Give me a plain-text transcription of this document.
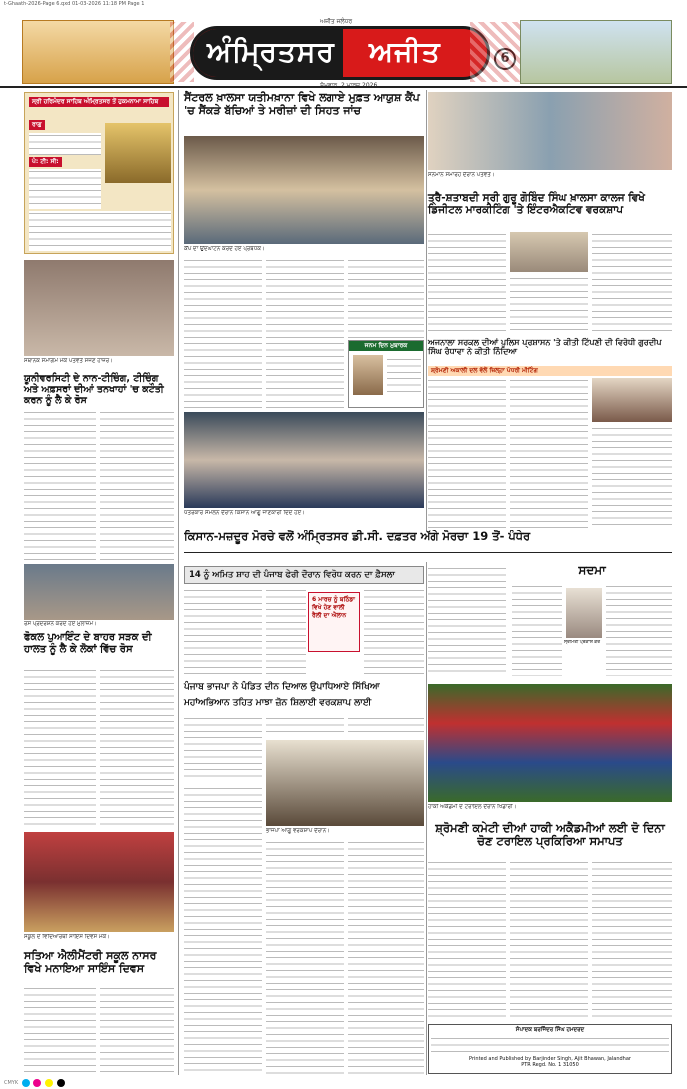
t-Ghaath-2026-Page 6.qxd 01-03-2026 11:18 PM Page 1
ਅੰਮ੍ਰਿਤਸਰ ਅਜੀਤ
ਅਜੀਤ ਜਲੰਧਰ
6
ਸ੍ਰੀ ਹਰਿਮੰਦਰ ਸਾਹਿਬ ਅੰਮ੍ਰਿਤਸਰ ਤੋਂ ਹੁਕਮਨਾਮਾ ਸਾਹਿਬ
ਰਾਗੁ
ਪੰ: ਟੀ: ਸੀ:
ਸਥਾਨਕ ਸਮਾਗਮ ਮੌਕੇ ਪਤਵੰਤੇ ਸਜਣ ਹਾਜ਼ਰ।
ਯੂਨੀਵਰਸਿਟੀ ਦੇ ਨਾਨ-ਟੀਚਿੰਗ, ਟੀਚਿੰਗ ਅਤੇ ਅਫ਼ਸਰਾਂ ਦੀਆਂ ਤਨਖਾਹਾਂ 'ਚ ਕਟੌਤੀ ਕਰਨ ਨੂੰ ਲੈ ਕੇ ਰੋਸ
ਰੋਸ ਪ੍ਰਦਰਸ਼ਨ ਕਰਦੇ ਹੋਏ ਮੁਲਾਜ਼ਮ।
ਫੋਕਲ ਪੁਆਇੰਟ ਦੇ ਬਾਹਰ ਸੜਕ ਦੀ ਹਾਲਤ ਨੂੰ ਲੈ ਕੇ ਲੋਕਾਂ ਵਿੱਚ ਰੋਸ
ਸਕੂਲ ਦੇ ਵਿਦਿਆਰਥੀ ਸਾਇੰਸ ਦਿਵਸ ਮੌਕੇ।
ਸਤਿਆ ਐਲੀਮੈਂਟਰੀ ਸਕੂਲ ਨਾਸਰ ਵਿਖੇ ਮਨਾਇਆ ਸਾਇੰਸ ਦਿਵਸ
ਸੈਂਟਰਲ ਖ਼ਾਲਸਾ ਯਤੀਮਖ਼ਾਨਾ ਵਿਖੇ ਲਗਾਏ ਮੁਫ਼ਤ ਆਯੁਸ਼ ਕੈਂਪ 'ਚ ਸੈਂਕੜੇ ਬੱਚਿਆਂ ਤੇ ਮਰੀਜ਼ਾਂ ਦੀ ਸਿਹਤ ਜਾਂਚ
ਕੈਂਪ ਦਾ ਉਦਘਾਟਨ ਕਰਦੇ ਹੋਏ ਪ੍ਰਬੰਧਕ।
ਜਨਮ ਦਿਨ ਮੁਬਾਰਕ
ਸਨਮਾਨ ਸਮਾਰੋਹ ਦੌਰਾਨ ਪਤਵੰਤੇ।
ਤ੍ਰੈ-ਸ਼ਤਾਬਦੀ ਸ੍ਰੀ ਗੁਰੂ ਗੋਬਿੰਦ ਸਿੰਘ ਖ਼ਾਲਸਾ ਕਾਲਜ ਵਿਖੇ ਡਿਜੀਟਲ ਮਾਰਕੀਟਿੰਗ 'ਤੇ ਇੰਟਰਐਕਟਿਵ ਵਰਕਸ਼ਾਪ
ਅਜਨਾਲਾ ਸਰਕਲ ਦੀਆਂ ਪੁਲਿਸ ਪ੍ਰਸ਼ਾਸਨ 'ਤੇ ਕੀਤੀ ਟਿੱਪਣੀ ਦੀ ਵਿਰੋਧੀ ਗੁਰਦੀਪ ਸਿੰਘ ਰੰਧਾਵਾ ਨੇ ਕੀਤੀ ਨਿੰਦਿਆ
ਸ਼੍ਰੋਮਣੀ ਅਕਾਲੀ ਦਲ ਵੱਲੋਂ ਜ਼ਿਲ੍ਹਾ ਪੱਧਰੀ ਮੀਟਿੰਗ
ਪੱਤਰਕਾਰ ਸੰਮੇਲਨ ਦੌਰਾਨ ਕਿਸਾਨ ਆਗੂ ਜਾਣਕਾਰੀ ਦਿੰਦੇ ਹੋਏ।
ਕਿਸਾਨ-ਮਜ਼ਦੂਰ ਮੋਰਚੇ ਵਲੋਂ ਅੰਮ੍ਰਿਤਸਰ ਡੀ.ਸੀ. ਦਫ਼ਤਰ ਅੱਗੇ ਮੋਰਚਾ 19 ਤੋਂ- ਪੰਧੇਰ
14 ਨੂੰ ਅਮਿਤ ਸ਼ਾਹ ਦੀ ਪੰਜਾਬ ਫੇਰੀ ਦੌਰਾਨ ਵਿਰੋਧ ਕਰਨ ਦਾ ਫ਼ੈਸਲਾ
6 ਮਾਰਚ ਨੂੰ ਬਠਿੰਡਾ ਵਿਖੇ ਹੋਣ ਵਾਲੀ ਰੈਲੀ ਦਾ ਐਲਾਨ
ਪੰਜਾਬ ਭਾਜਪਾ ਨੇ ਪੰਡਿਤ ਦੀਨ ਦਿਆਲ ਉਪਾਧਿਆਏ ਸਿੱਖਿਆ
ਮਹਾਂਅਭਿਆਨ ਤਹਿਤ ਮਾਝਾ ਜ਼ੋਨ ਸ਼ਿਲਾਈ ਵਰਕਸ਼ਾਪ ਲਾਈ
ਭਾਜਪਾ ਆਗੂ ਵਰਕਸ਼ਾਪ ਦੌਰਾਨ।
ਸਦਮਾ
ਸ੍ਰੀਮਤੀ ਪ੍ਰਕਾਸ਼ ਕੌਰ
ਹਾਕੀ ਅਕੈਡਮੀ ਦੇ ਟਰਾਇਲ ਦੌਰਾਨ ਖਿਡਾਰੀ।
ਸ਼੍ਰੋਮਣੀ ਕਮੇਟੀ ਦੀਆਂ ਹਾਕੀ ਅਕੈਡਮੀਆਂ ਲਈ ਦੋ ਦਿਨਾ ਚੋਣ ਟਰਾਇਲ ਪ੍ਰਕਿਰਿਆ ਸਮਾਪਤ
ਸੰਪਾਦਕ ਬਰਜਿੰਦਰ ਸਿੰਘ ਹਮਦਰਦ
Printed and Published by Barjinder Singh, Ajit Bhawan, Jalandhar
PTR Regd. No. 1 31050
CMYK
